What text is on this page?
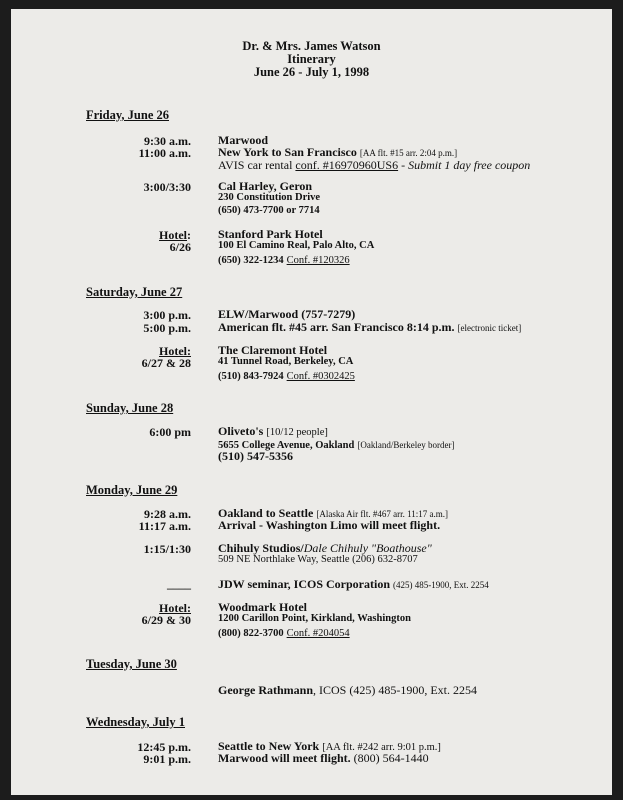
Dr. & Mrs. James Watson
Itinerary
June 26 - July 1, 1998
Friday, June 26
9:30 a.m. Marwood
11:00 a.m. New York to San Francisco [AA flt. #15 arr. 2:04 p.m.]
AVIS car rental conf. #16970960US6 - Submit 1 day free coupon
3:00/3:30 Cal Harley, Geron
230 Constitution Drive
(650) 473-7700 or 7714
Hotel:
6/26
Stanford Park Hotel
100 El Camino Real, Palo Alto, CA
(650) 322-1234 Conf. #120326
Saturday, June 27
3:00 p.m. ELW/Marwood (757-7279)
5:00 p.m. American flt. #45 arr. San Francisco 8:14 p.m. [electronic ticket]
Hotel:
6/27 & 28
The Claremont Hotel
41 Tunnel Road, Berkeley, CA
(510) 843-7924 Conf. #0302425
Sunday, June 28
6:00 pm Oliveto's [10/12 people]
5655 College Avenue, Oakland [Oakland/Berkeley border]
(510) 547-5356
Monday, June 29
9:28 a.m. Oakland to Seattle [Alaska Air flt. #467 arr. 11:17 a.m.]
11:17 a.m. Arrival - Washington Limo will meet flight.
1:15/1:30 Chihuly Studios/Dale Chihuly "Boathouse"
509 NE Northlake Way, Seattle (206) 632-8707
____ JDW seminar, ICOS Corporation (425) 485-1900, Ext. 2254
Hotel:
6/29 & 30
Woodmark Hotel
1200 Carillon Point, Kirkland, Washington
(800) 822-3700 Conf. #204054
Tuesday, June 30
George Rathmann, ICOS (425) 485-1900, Ext. 2254
Wednesday, July 1
12:45 p.m. Seattle to New York [AA flt. #242 arr. 9:01 p.m.]
9:01 p.m. Marwood will meet flight. (800) 564-1440
